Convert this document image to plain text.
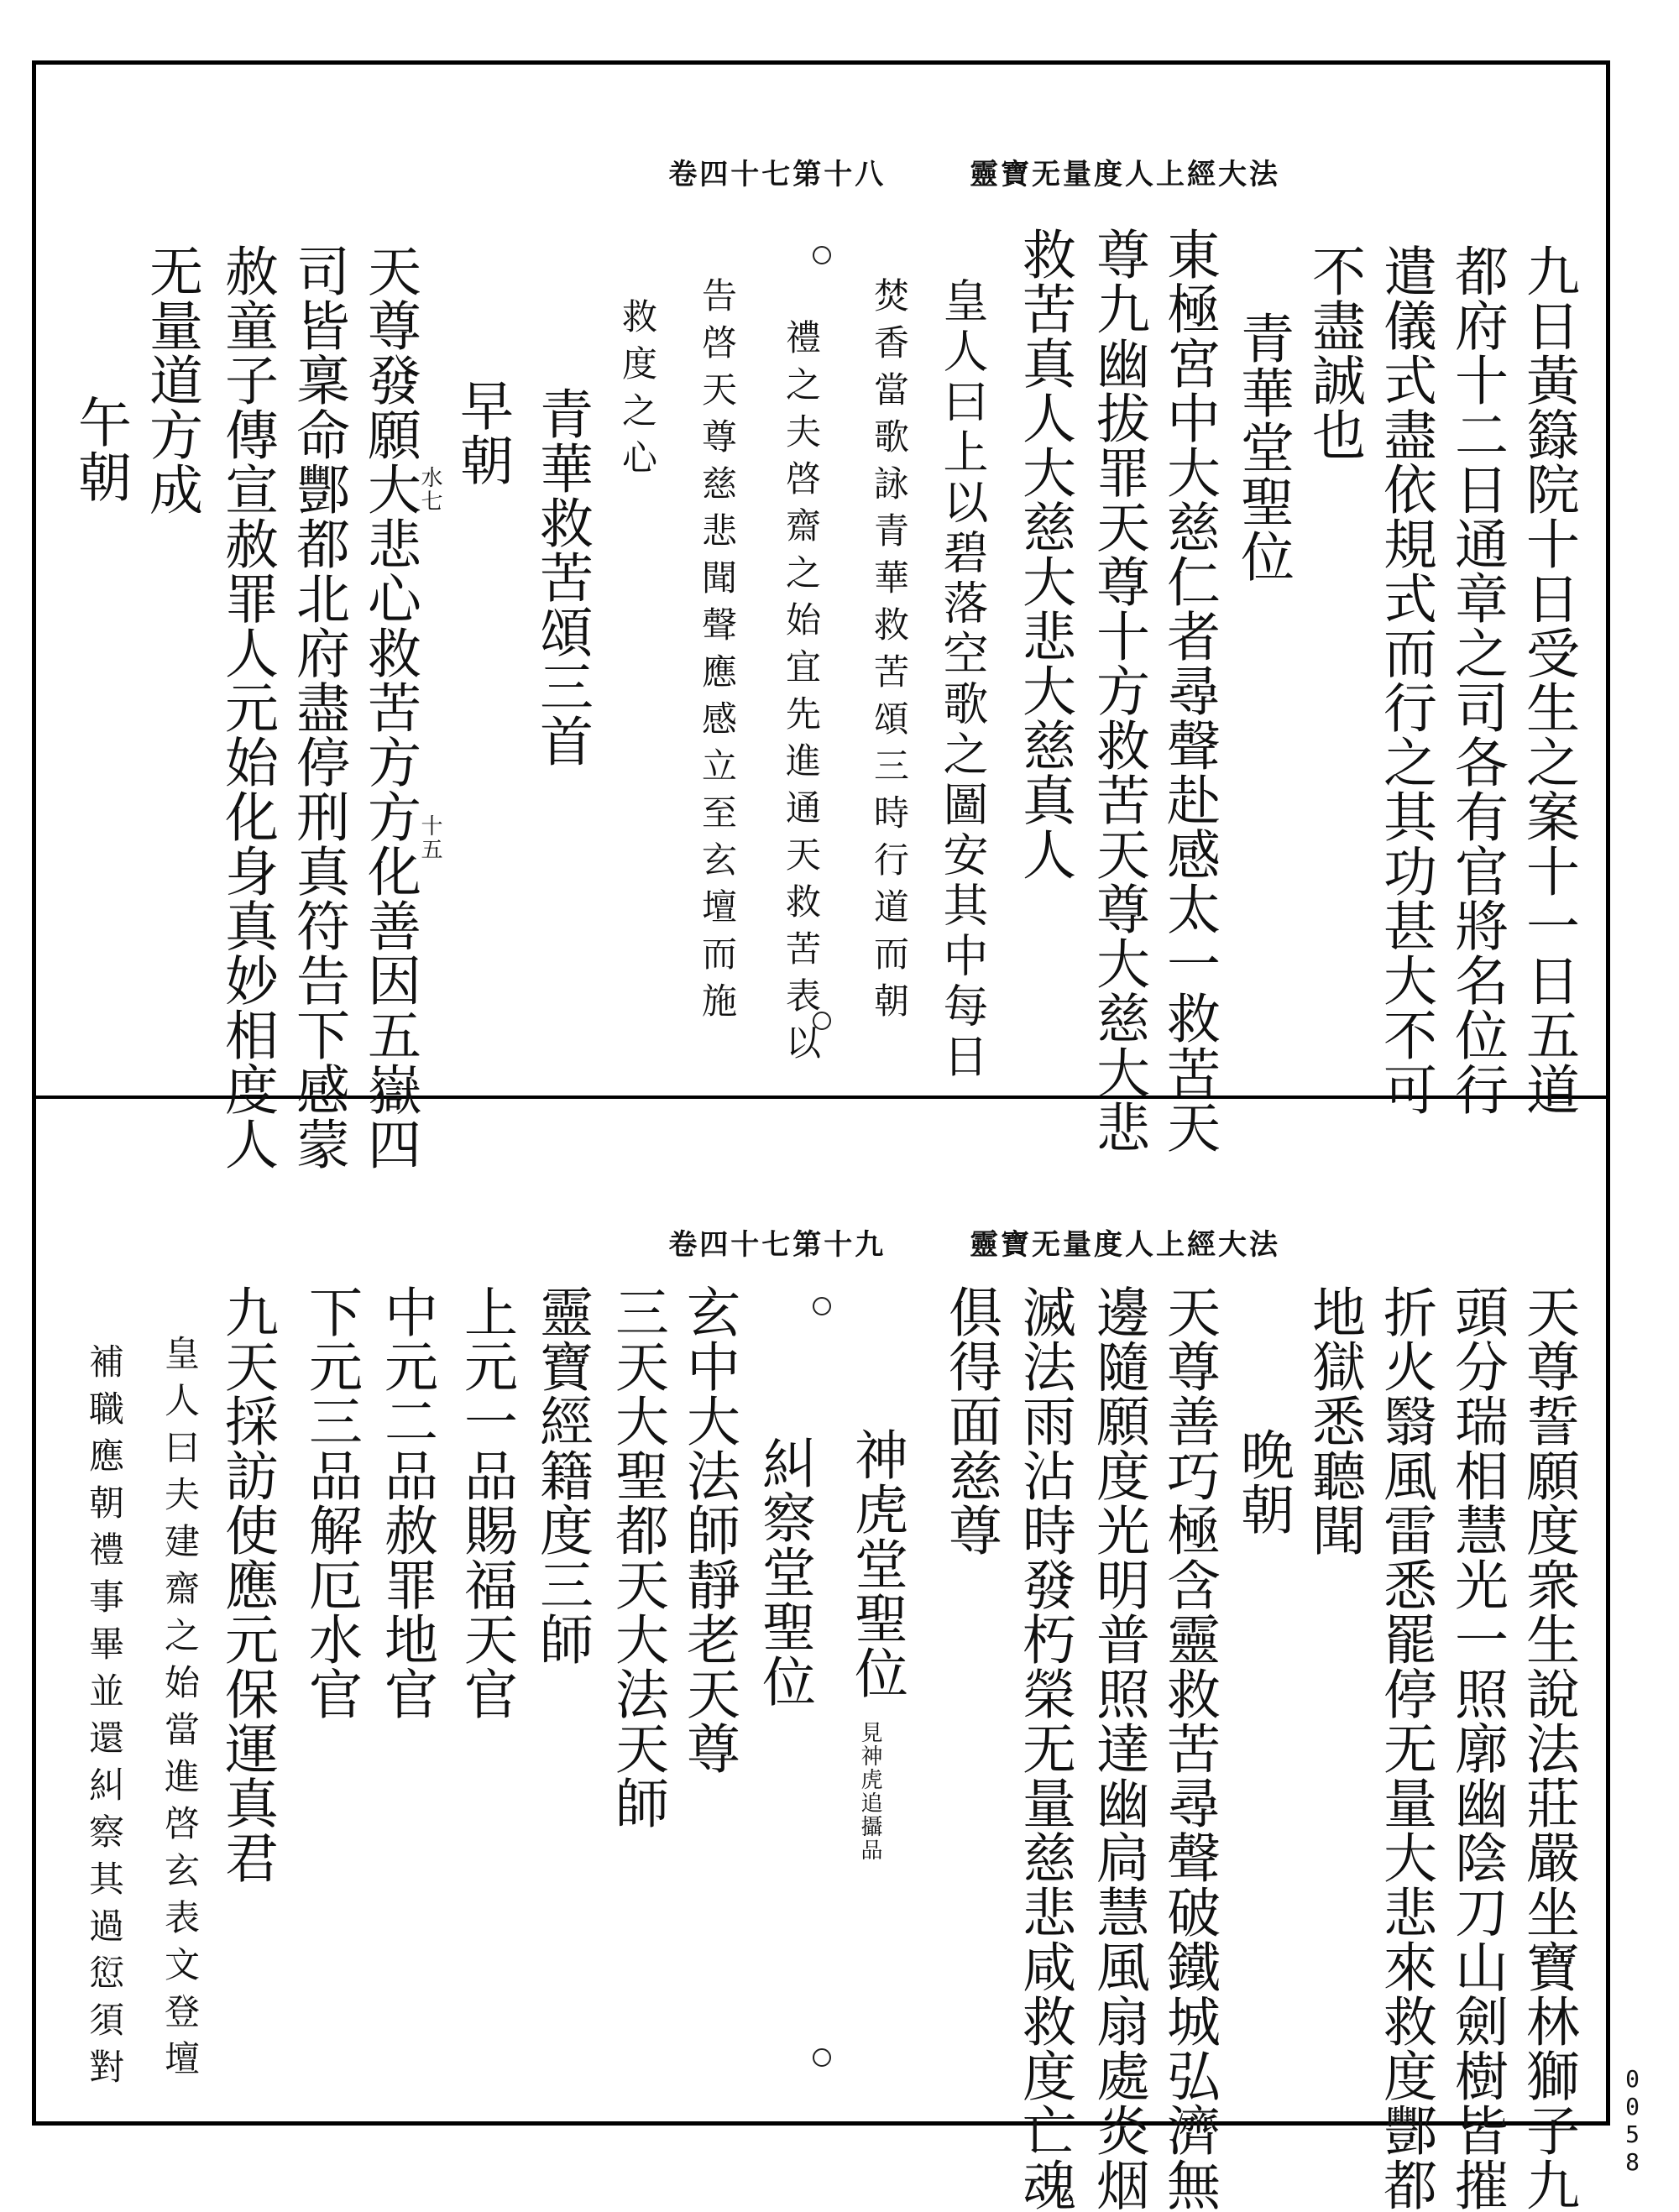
靈寶无量度人上經大法  卷四十七第十八
九日黃籙院十日受生之案十一日五道
都府十二日通章之司各有官將名位行
遣儀式盡依規式而行之其功甚大不可
不盡誠也
青華堂聖位
東極宮中大慈仁者尋聲赴感太一救苦天
尊九幽拔罪天尊十方救苦天尊大慈大悲
救苦真人大慈大悲大慈真人
皇人曰上以碧落空歌之圖安其中每日
焚香當歌詠青華救苦頌三時行道而朝
禮之夫啓齋之始宜先進通天救苦表以
告啓天尊慈悲聞聲應感立至玄壇而施
救度之心
青華救苦頌三首
早朝
天尊發願大悲心救苦方方化善因五嶽四
司皆稟命酆都北府盡停刑真符告下感蒙
赦童子傳宣赦罪人元始化身真妙相度人
无量道方成
午朝	水七
十五
靈寶无量度人上經大法  卷四十七第十九
天尊誓願度衆生說法莊嚴坐寶林獅子九
頭分瑞相慧光一照廓幽陰刀山劍樹皆摧
折火翳風雷悉罷停无量大悲來救度酆都
地獄悉聽聞
晚朝
天尊善巧極含靈救苦尋聲破鐵城弘濟無
邊隨願度光明普照達幽扃慧風扇處炎烟
滅法雨沾時發朽榮无量慈悲咸救度亡魂
俱得面慈尊
神虎堂聖位
糾察堂聖位
玄中大法師靜老天尊
三天大聖都天大法天師
靈寶經籍度三師
上元一品賜福天官
中元二品赦罪地官
下元三品解厄水官
九天採訪使應元保運真君
皇人曰夫建齋之始當進啓玄表文登壇
補職應朝禮事畢並還糾察其過愆須對	見神虎追攝品
0058
